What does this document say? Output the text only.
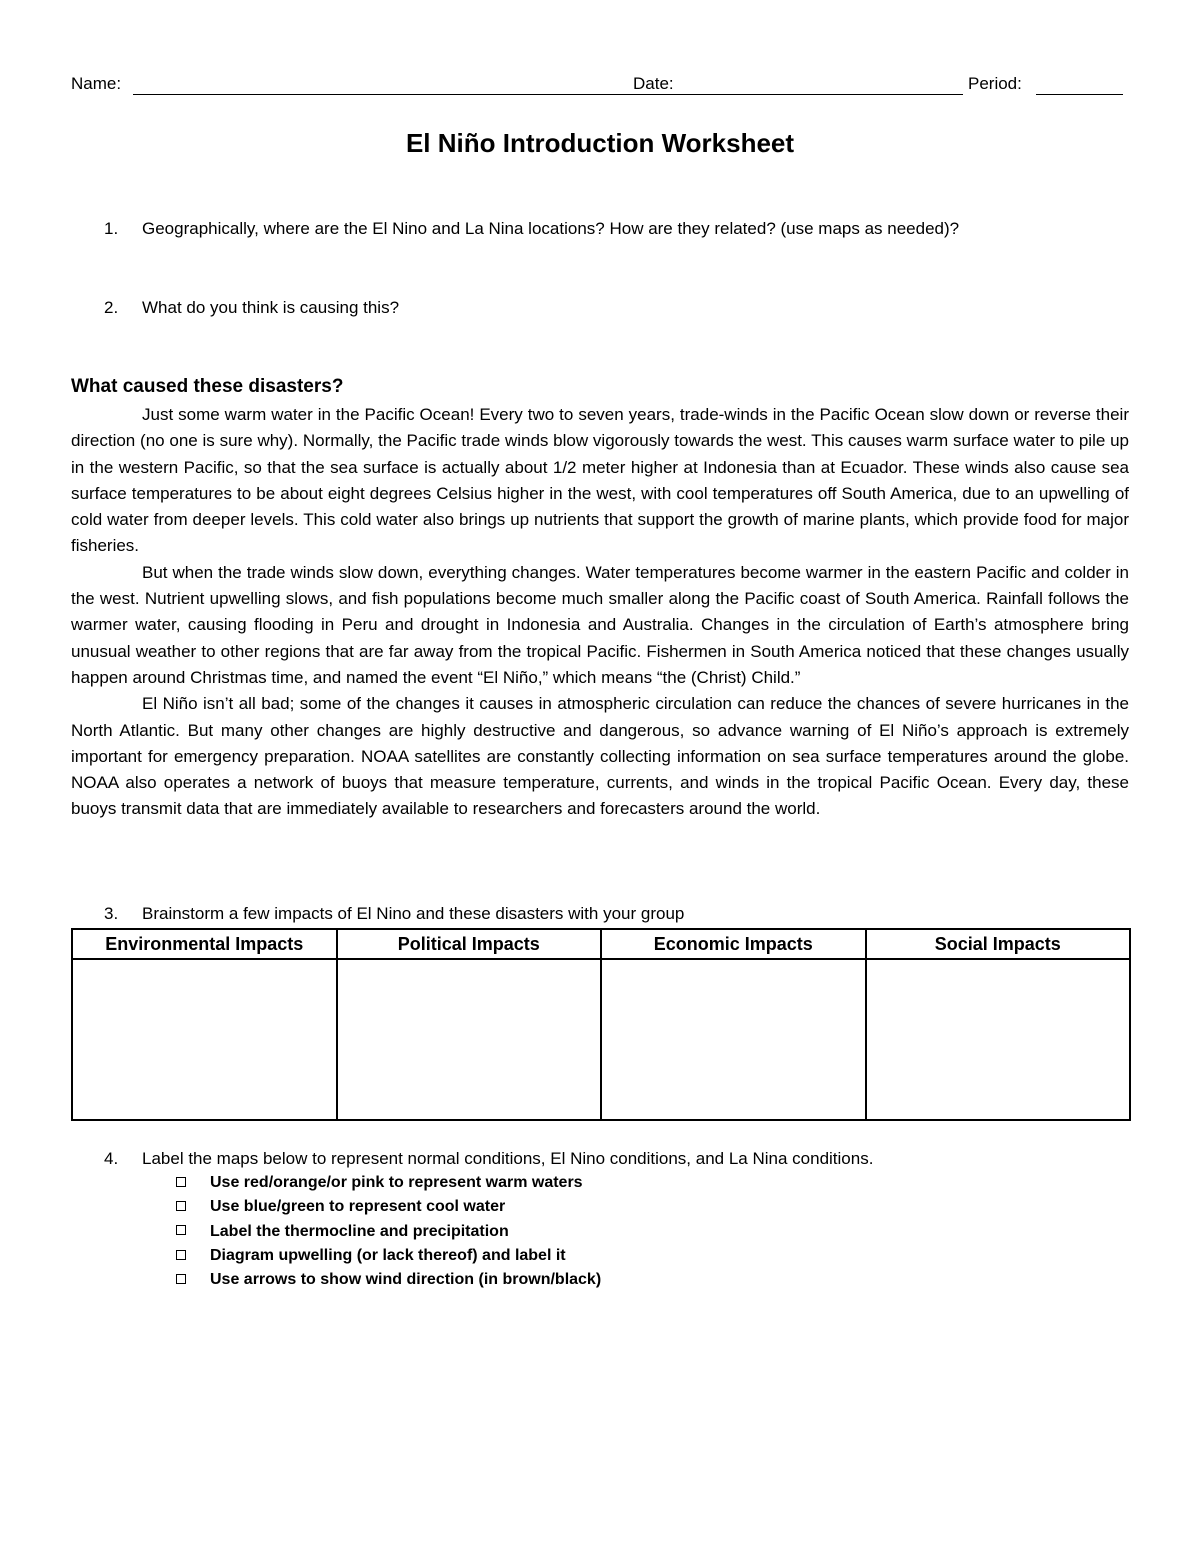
Name:	Date:	Period:
El Niño Introduction Worksheet
1. Geographically, where are the El Nino and La Nina locations? How are they related? (use maps as needed)?
2. What do you think is causing this?
What caused these disasters?

Just some warm water in the Pacific Ocean! Every two to seven years, trade-winds in the Pacific Ocean slow down or reverse their direction (no one is sure why). Normally, the Pacific trade winds blow vigorously towards the west. This causes warm surface water to pile up in the western Pacific, so that the sea surface is actually about 1/2 meter higher at Indonesia than at Ecuador. These winds also cause sea surface temperatures to be about eight degrees Celsius higher in the west, with cool temperatures off South America, due to an upwelling of cold water from deeper levels. This cold water also brings up nutrients that support the growth of marine plants, which provide food for major fisheries.

But when the trade winds slow down, everything changes. Water temperatures become warmer in the eastern Pacific and colder in the west. Nutrient upwelling slows, and fish populations become much smaller along the Pacific coast of South America. Rainfall follows the warmer water, causing flooding in Peru and drought in Indonesia and Australia. Changes in the circulation of Earth’s atmosphere bring unusual weather to other regions that are far away from the tropical Pacific. Fishermen in South America noticed that these changes usually happen around Christmas time, and named the event “El Niño,” which means “the (Christ) Child.”

El Niño isn’t all bad; some of the changes it causes in atmospheric circulation can reduce the chances of severe hurricanes in the North Atlantic. But many other changes are highly destructive and dangerous, so advance warning of El Niño’s approach is extremely important for emergency preparation. NOAA satellites are constantly collecting information on sea surface temperatures around the globe. NOAA also operates a network of buoys that measure temperature, currents, and winds in the tropical Pacific Ocean. Every day, these buoys transmit data that are immediately available to researchers and forecasters around the world.

3. Brainstorm a few impacts of El Nino and these disasters with your group
Environmental Impacts	Political Impacts	Economic Impacts	Social Impacts

4. Label the maps below to represent normal conditions, El Nino conditions, and La Nina conditions.
Use red/orange/or pink to represent warm waters
Use blue/green to represent cool water
Label the thermocline and precipitation
Diagram upwelling (or lack thereof) and label it
Use arrows to show wind direction (in brown/black)
